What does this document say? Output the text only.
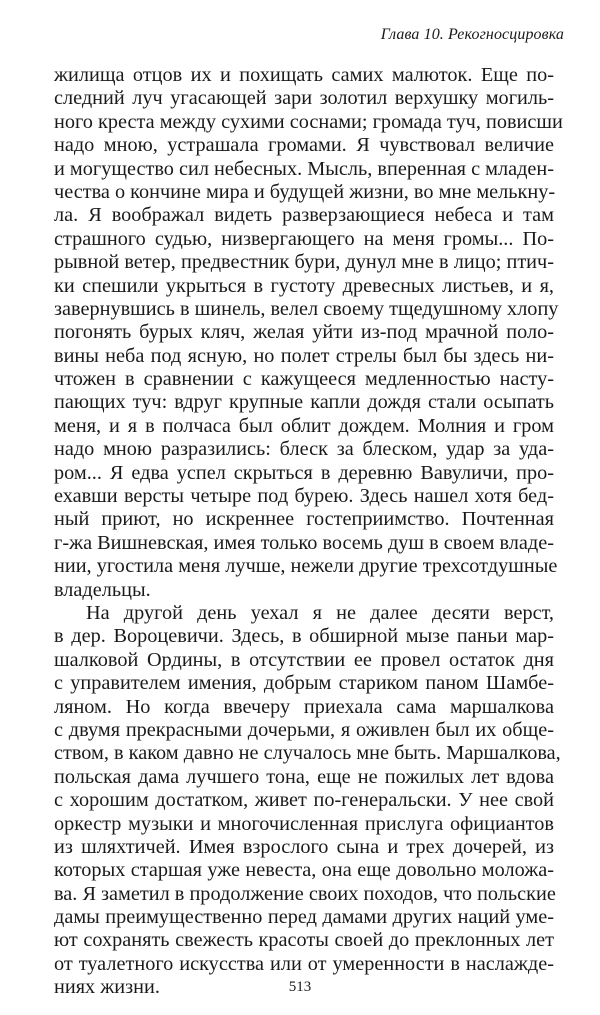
Глава 10. Рекогносцировка
жилища отцов их и похищать самих малюток. Еще по-
следний луч угасающей зари золотил верхушку могиль-
ного креста между сухими соснами; громада туч, повисши
надо мною, устрашала громами. Я чувствовал величие
и могущество сил небесных. Мысль, впеpенная с младен-
чества о кончине мира и будущей жизни, во мне мелькну-
ла. Я воображал видеть разверзающиеся небеса и там
страшного судью, низвергающего на меня громы... По-
рывной ветер, предвестник бури, дунул мне в лицо; птич-
ки спешили укрыться в густоту древесных листьев, и я,
завернувшись в шинель, велел своему тщедушному хлопу
погонять бурых кляч, желая уйти из-под мрачной поло-
вины неба под ясную, но полет стрелы был бы здесь ни-
чтожен в сравнении с кажущееся медленностью насту-
пающих туч: вдруг крупные капли дождя стали осыпать
меня, и я в полчаса был облит дождем. Молния и гром
надо мною разразились: блеск за блеском, удар за уда-
ром... Я едва успел скрыться в деревню Вавуличи, про-
ехавши версты четыре под бурею. Здесь нашел хотя бед-
ный приют, но искреннее гостеприимство. Почтенная
г-жа Вишневская, имея только восемь душ в своем владе-
нии, угостила меня лучше, нежели другие трехсотдушные
владельцы.
На другой день уехал я не далее десяти верст,
в дер. Вороцевичи. Здесь, в обширной мызе паньи мар-
шалковой Ордины, в отсутствии ее провел остаток дня
с управителем имения, добрым стариком паном Шамбе-
ляном. Но когда ввечеру приехала сама маршалкова
с двумя прекрасными дочерьми, я оживлен был их обще-
ством, в каком давно не случалось мне быть. Маршалкова,
польская дама лучшего тона, еще не пожилых лет вдова
с хорошим достатком, живет по-генеральски. У нее свой
оркестр музыки и многочисленная прислуга официантов
из шляхтичей. Имея взрослого сына и трех дочерей, из
которых старшая уже невеста, она еще довольно моложа-
ва. Я заметил в продолжение своих походов, что польские
дамы преимущественно перед дамами других наций уме-
ют сохранять свежесть красоты своей до преклонных лет
от туалетного искусства или от умеренности в наслажде-
ниях жизни.	513
